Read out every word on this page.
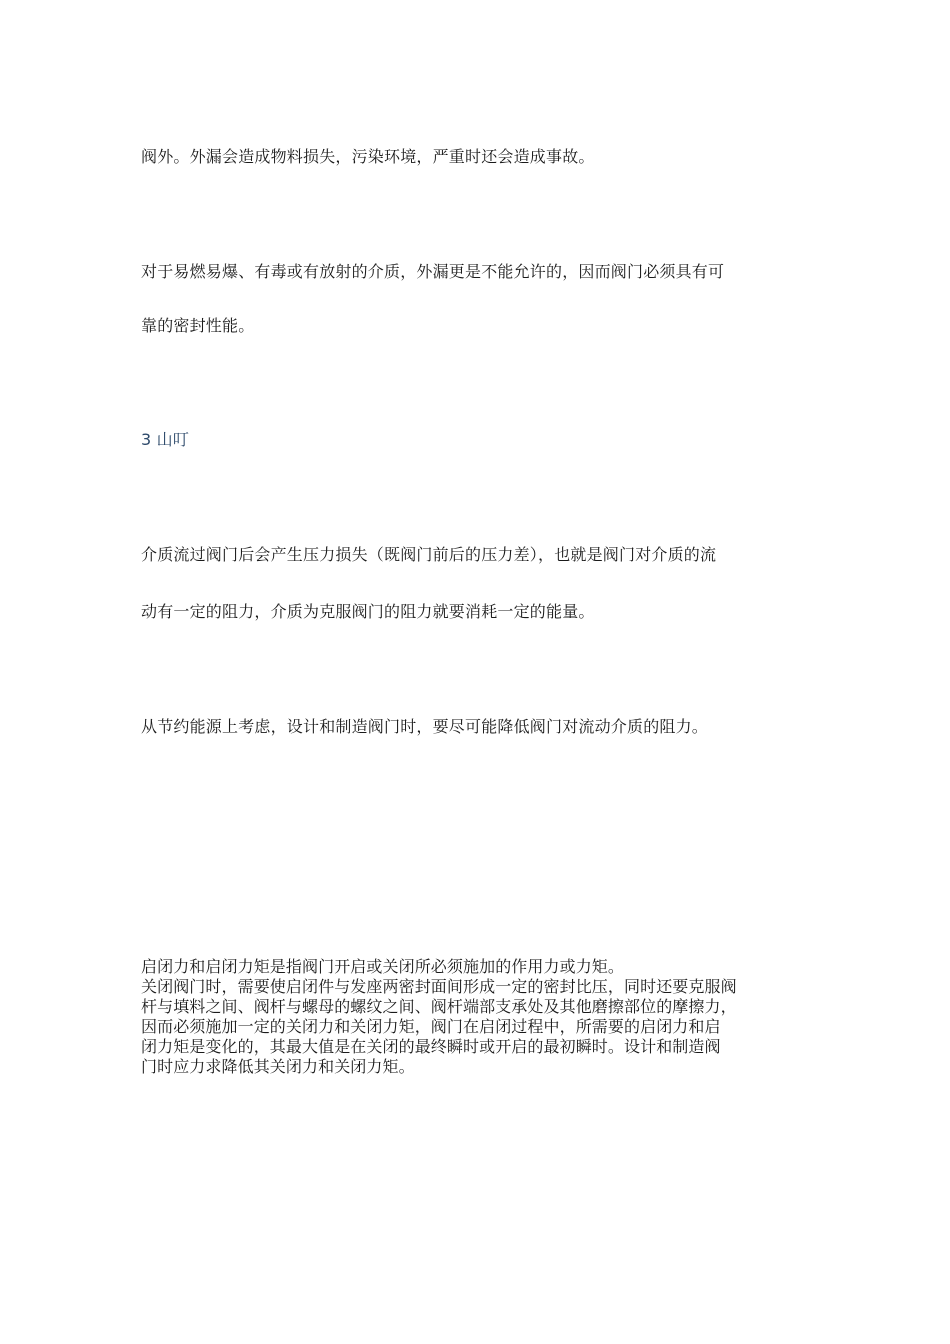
阀外。外漏会造成物料损失，污染环境，严重时还会造成事故。

对于易燃易爆、有毒或有放射的介质，外漏更是不能允许的，因而阀门必须具有可

靠的密封性能。

3 山叮

介质流过阀门后会产生压力损失（既阀门前后的压力差），也就是阀门对介质的流

动有一定的阻力，介质为克服阀门的阻力就要消耗一定的能量。

从节约能源上考虑，设计和制造阀门时，要尽可能降低阀门对流动介质的阻力。

启闭力和启闭力矩是指阀门开启或关闭所必须施加的作用力或力矩。

关闭阀门时，需要使启闭件与发座两密封面间形成一定的密封比压，同时还要克服阀

杆与填料之间、阀杆与螺母的螺纹之间、阀杆端部支承处及其他磨擦部位的摩擦力，

因而必须施加一定的关闭力和关闭力矩，阀门在启闭过程中，所需要的启闭力和启

闭力矩是变化的，其最大值是在关闭的最终瞬时或开启的最初瞬时。设计和制造阀

门时应力求降低其关闭力和关闭力矩。
